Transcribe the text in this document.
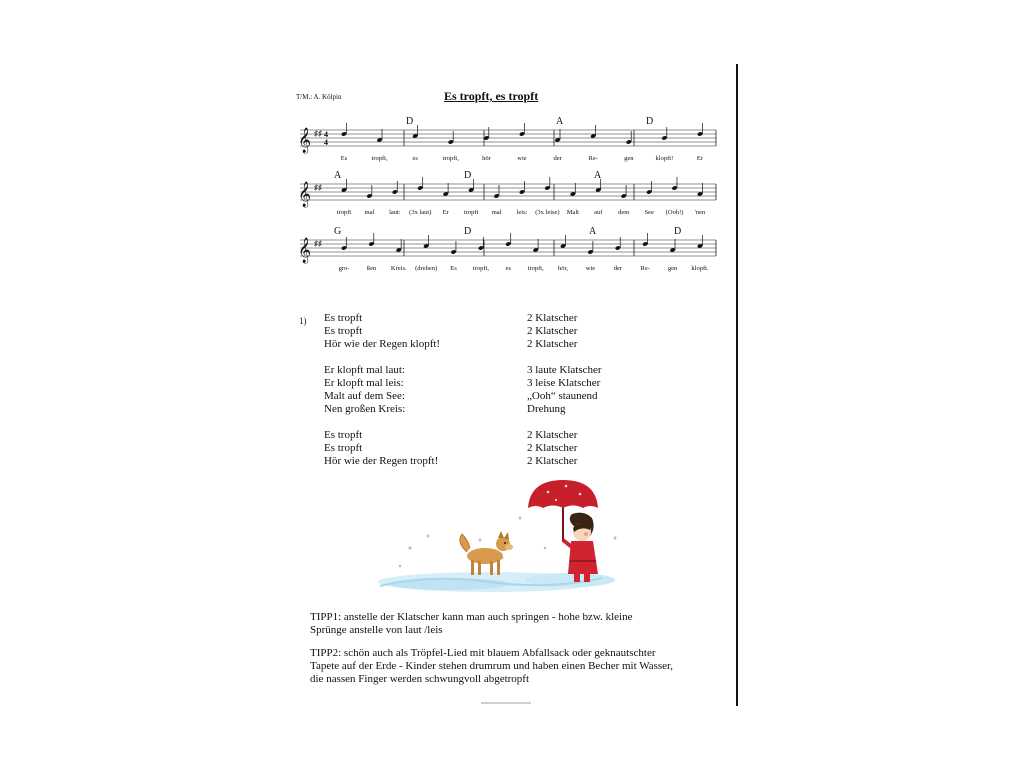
T/M.: A. Kölpin	Es tropft, es tropft
𝄞 ♯♯ 4
4
Es	tropft,	es	tropft,	hör	wie	der	Re-	gen	klopft!	Er
D	A	D
𝄞 ♯♯
tropft mal laut: (3x laut) Er tropft mal leis: (3x leise) Malt auf dem See (Ooh!) 'nen
A	D	A
𝄞 ♯♯
gro-	ßen Kreis. (drehen) Es tropft,	es	tropft, hör,	wie	der	Re-	gen klopft.
G	D	A	D
1) Es tropft	2 Klatscher
Es tropft	2 Klatscher
Hör wie der Regen klopft!	2 Klatscher
Er klopft mal laut:	3 laute Klatscher
Er klopft mal leis:	3 leise Klatscher
Malt auf dem See:	„Ooh“ staunend
Nen großen Kreis:	Drehung
Es tropft	2 Klatscher
Es tropft	2 Klatscher
Hör wie der Regen tropft!	2 Klatscher

TIPP1: anstelle der Klatscher kann man auch springen - hohe bzw. kleine
Sprünge anstelle von laut /leis

TIPP2: schön auch als Tröpfel-Lied mit blauem Abfallsack oder geknautschter
Tapete auf der Erde - Kinder stehen drumrum und haben einen Becher mit Wasser,
die nassen Finger werden schwungvoll abgetropft
